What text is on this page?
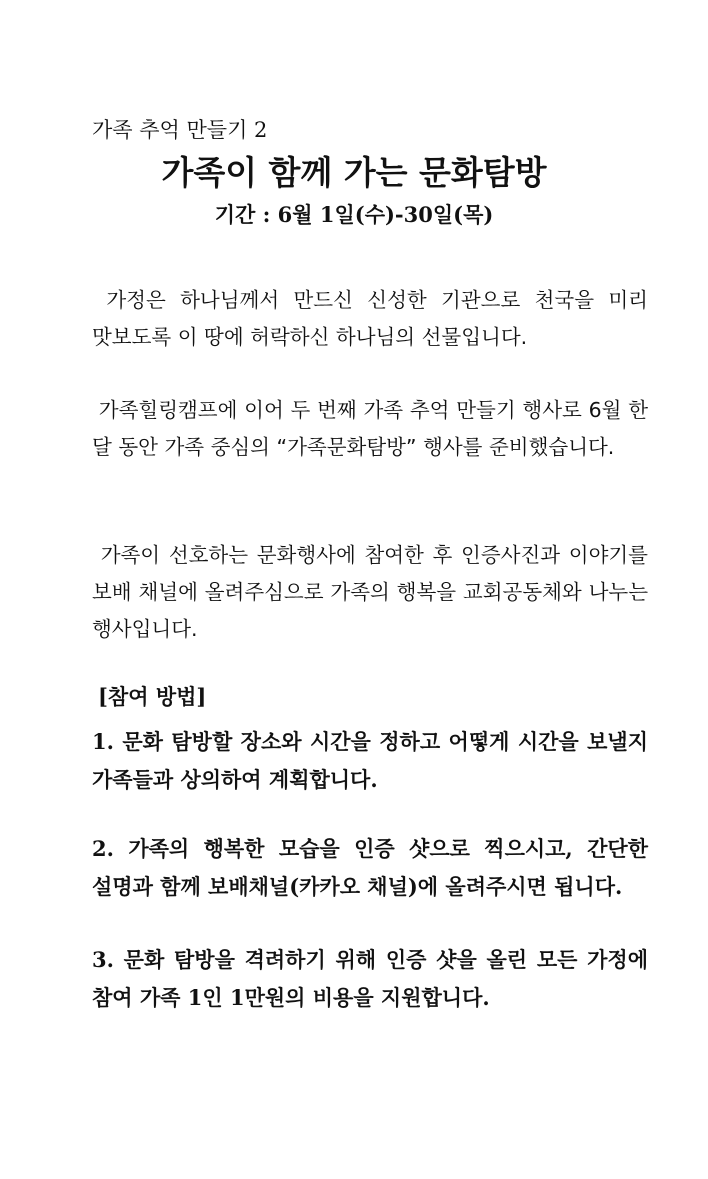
가족 추억 만들기 2
가족이 함께 가는 문화탐방
기간 : 6월 1일(수)-30일(목)

가정은 하나님께서 만드신 신성한 기관으로 천국을 미리 맛보도록 이 땅에 허락하신 하나님의 선물입니다.

가족힐링캠프에 이어 두 번째 가족 추억 만들기 행사로 6월 한 달 동안 가족 중심의 “가족문화탐방” 행사를 준비했습니다.

가족이 선호하는 문화행사에 참여한 후 인증사진과 이야기를 보배 채널에 올려주심으로 가족의 행복을 교회공동체와 나누는 행사입니다.

[참여 방법]

1. 문화 탐방할 장소와 시간을 정하고 어떻게 시간을 보낼지 가족들과 상의하여 계획합니다.

2. 가족의 행복한 모습을 인증 샷으로 찍으시고, 간단한 설명과 함께 보배채널(카카오 채널)에 올려주시면 됩니다.

3. 문화 탐방을 격려하기 위해 인증 샷을 올린 모든 가정에 참여 가족 1인 1만원의 비용을 지원합니다.
